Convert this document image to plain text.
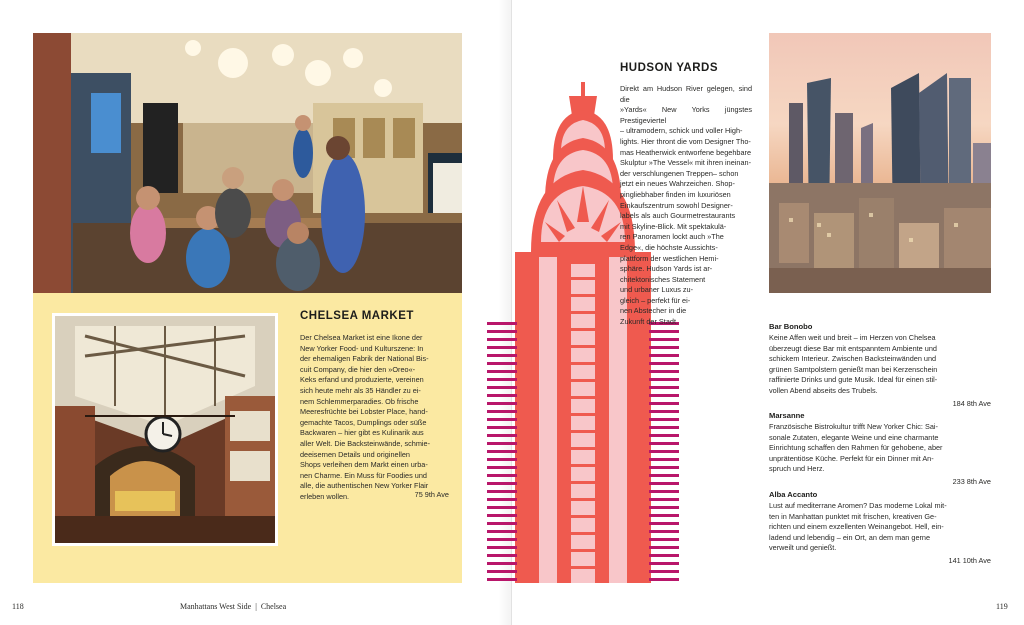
CHELSEA MARKET
Der Chelsea Market ist eine Ikone der
New Yorker Food- und Kulturszene: In
der ehemaligen Fabrik der National Bis-
cuit Company, die hier den »Oreo«-
Keks erfand und produzierte, vereinen
sich heute mehr als 35 Händler zu ei-
nem Schlemmerparadies. Ob frische
Meeresfrüchte bei Lobster Place, hand-
gemachte Tacos, Dumplings oder süße
Backwaren – hier gibt es Kulinarik aus
aller Welt. Die Backsteinwände, schmie-
deeisernen Details und originellen
Shops verleihen dem Markt einen urba-
nen Charme. Ein Muss für Foodies und
alle, die authentischen New Yorker Flair
erleben wollen.	75 9th Ave
HUDSON YARDS
Direkt am Hudson River gelegen, sind die
»Yards« New Yorks jüngstes Prestigeviertel
– ultramodern, schick und voller High-
lights. Hier thront die vom Designer Tho-
mas Heatherwick entworfene begehbare
Skulptur »The Vessel« mit ihren ineinan-
der verschlungenen Treppen– schon
jetzt ein neues Wahrzeichen. Shop-
pingliebhaber finden im luxuriösen
Einkaufszentrum sowohl Designer-
labels als auch Gourmetrestaurants
mit Skyline-Blick. Mit spektakulä-
ren Panoramen lockt auch »The
Edge«, die höchste Aussichts-
plattform der westlichen Hemi-
sphäre. Hudson Yards ist ar-
chitektonisches Statement
und urbaner Luxus zu-
gleich – perfekt für ei-
nen Abstecher in die
Zukunft der Stadt.
Bar Bonobo
Keine Affen weit und breit – im Herzen von Chelsea
überzeugt diese Bar mit entspanntem Ambiente und
schickem Interieur. Zwischen Backsteinwänden und
grünen Samtpolstern genießt man bei Kerzenschein
raffinierte Drinks und gute Musik. Ideal für einen stil-
vollen Abend abseits des Trubels.
184 8th Ave
Marsanne
Französische Bistrokultur trifft New Yorker Chic: Sai-
sonale Zutaten, elegante Weine und eine charmante
Einrichtung schaffen den Rahmen für gehobene, aber
unprätentiöse Küche. Perfekt für ein Dinner mit An-
spruch und Herz.
233 8th Ave
Alba Accanto
Lust auf mediterrane Aromen? Das moderne Lokal mit-
ten in Manhattan punktet mit frischen, kreativen Ge-
richten und einem exzellenten Weinangebot. Hell, ein-
ladend und lebendig – ein Ort, an dem man gerne
verweilt und genießt.
141 10th Ave
118	Manhattans West Side | Chelsea	119
